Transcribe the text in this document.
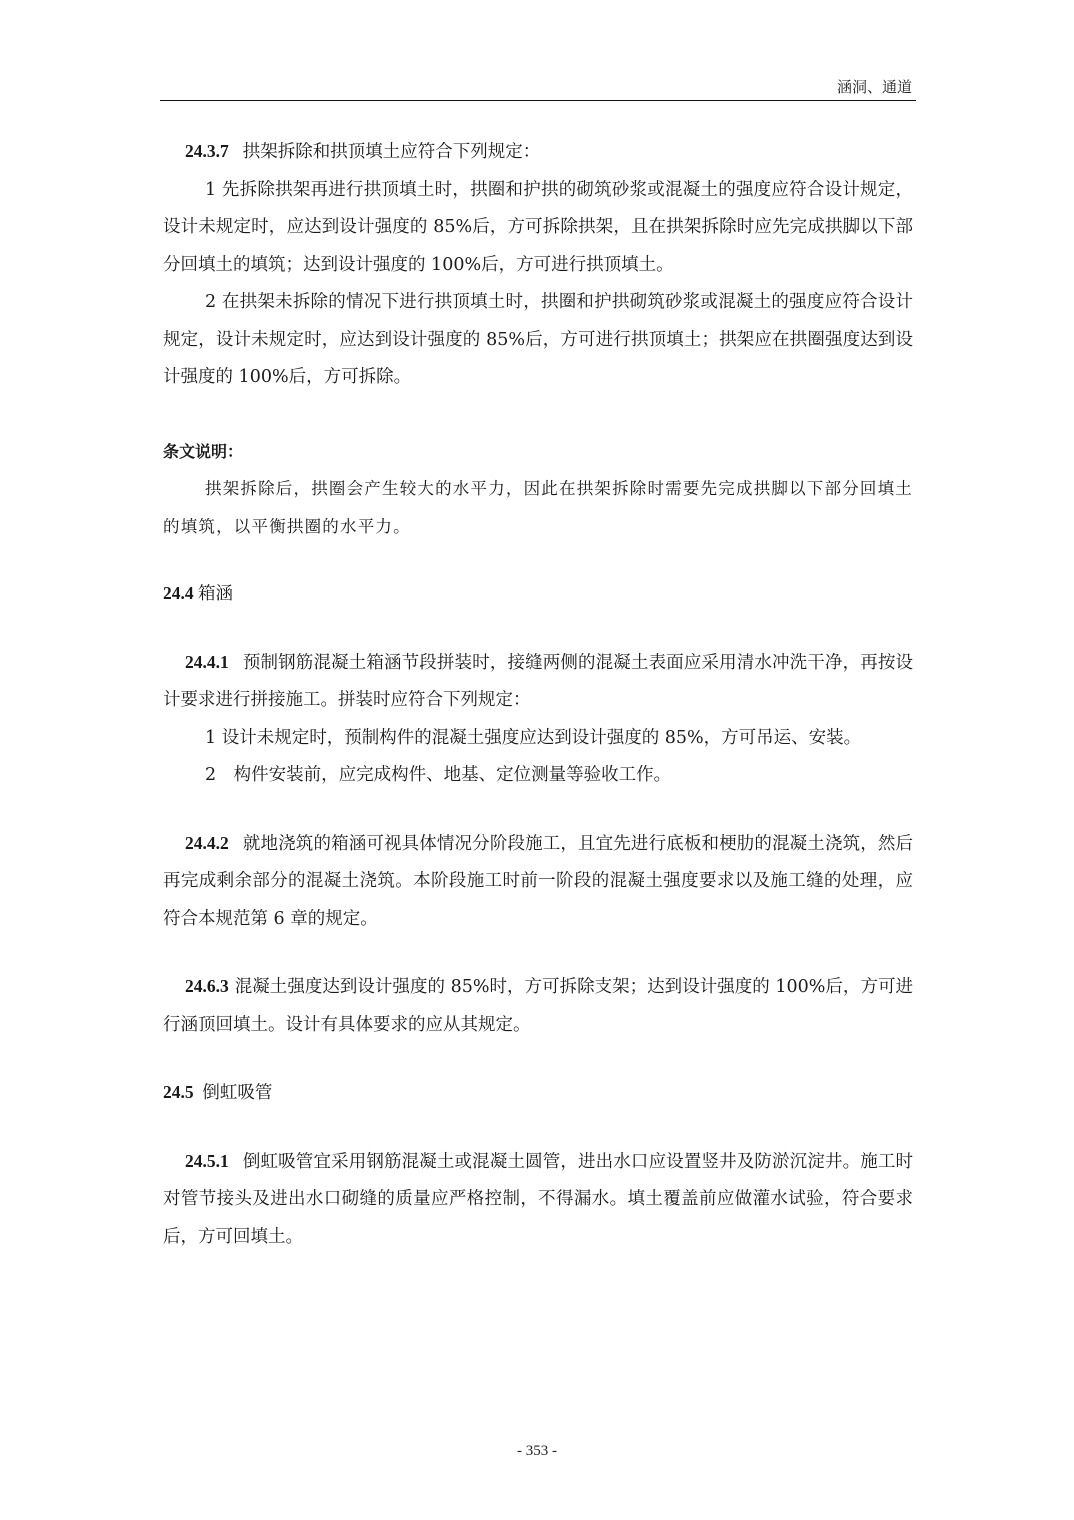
涵洞、通道

24.3.7 拱架拆除和拱顶填土应符合下列规定：

1 先拆除拱架再进行拱顶填土时，拱圈和护拱的砌筑砂浆或混凝土的强度应符合设计规定，设计未规定时，应达到设计强度的 85%后，方可拆除拱架，且在拱架拆除时应先完成拱脚以下部分回填土的填筑；达到设计强度的 100%后，方可进行拱顶填土。

2 在拱架未拆除的情况下进行拱顶填土时，拱圈和护拱砌筑砂浆或混凝土的强度应符合设计规定，设计未规定时，应达到设计强度的 85%后，方可进行拱顶填土；拱架应在拱圈强度达到设计强度的 100%后，方可拆除。

条文说明：

拱架拆除后，拱圈会产生较大的水平力，因此在拱架拆除时需要先完成拱脚以下部分回填土的填筑，以平衡拱圈的水平力。

24.4 箱涵

24.4.1 预制钢筋混凝土箱涵节段拼装时，接缝两侧的混凝土表面应采用清水冲洗干净，再按设计要求进行拼接施工。拼装时应符合下列规定：

1 设计未规定时，预制构件的混凝土强度应达到设计强度的 85%，方可吊运、安装。

2　构件安装前，应完成构件、地基、定位测量等验收工作。

24.4.2 就地浇筑的箱涵可视具体情况分阶段施工，且宜先进行底板和梗肋的混凝土浇筑，然后再完成剩余部分的混凝土浇筑。本阶段施工时前一阶段的混凝土强度要求以及施工缝的处理，应符合本规范第 6 章的规定。

24.6.3 混凝土强度达到设计强度的 85%时，方可拆除支架；达到设计强度的 100%后，方可进行涵顶回填土。设计有具体要求的应从其规定。

24.5 倒虹吸管

24.5.1 倒虹吸管宜采用钢筋混凝土或混凝土圆管，进出水口应设置竖井及防淤沉淀井。施工时对管节接头及进出水口砌缝的质量应严格控制，不得漏水。填土覆盖前应做灌水试验，符合要求后，方可回填土。

- 353 -
